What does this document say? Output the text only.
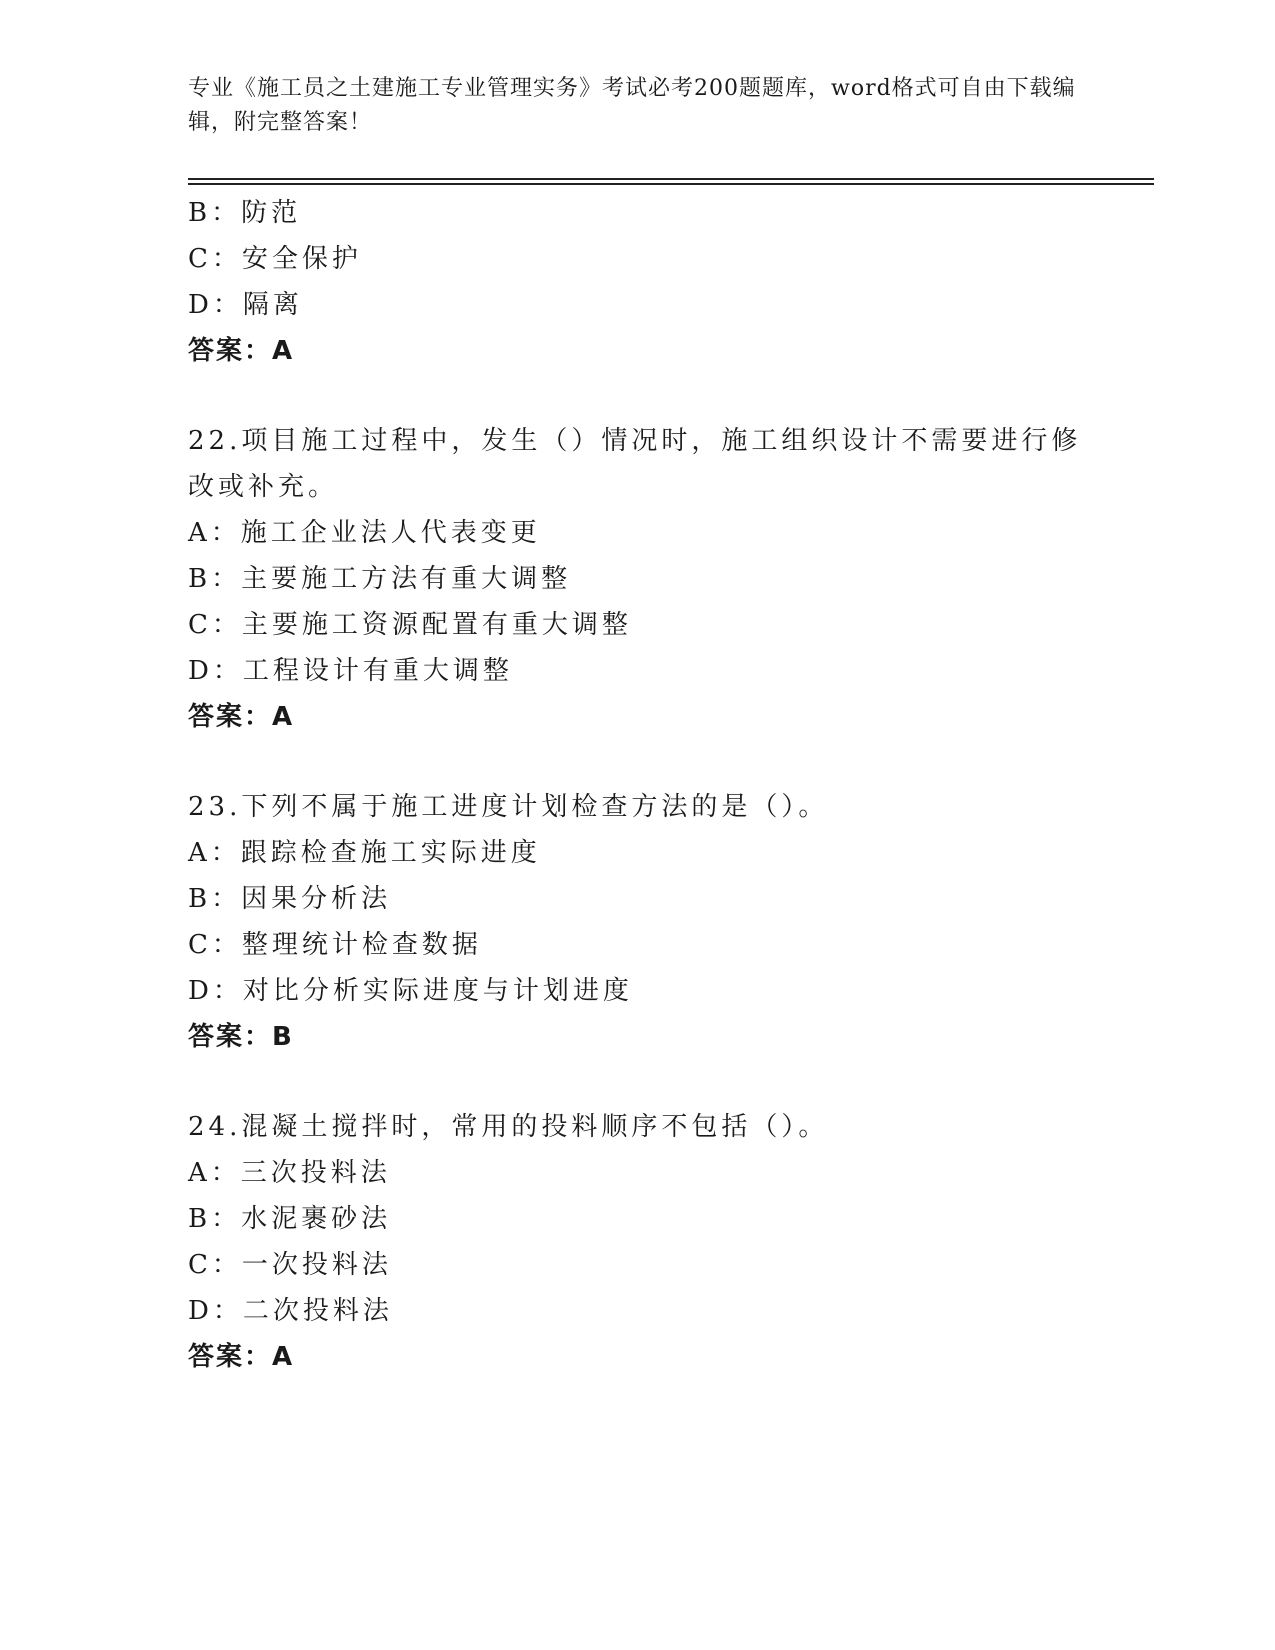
专业《施工员之土建施工专业管理实务》考试必考200题题库，word格式可自由下载编辑，附完整答案！
B：防范
C：安全保护
D：隔离
答案：A
22.项目施工过程中，发生（）情况时，施工组织设计不需要进行修改或补充。
A：施工企业法人代表变更
B：主要施工方法有重大调整
C：主要施工资源配置有重大调整
D：工程设计有重大调整
答案：A
23.下列不属于施工进度计划检查方法的是（）。
A：跟踪检查施工实际进度
B：因果分析法
C：整理统计检查数据
D：对比分析实际进度与计划进度
答案：B
24.混凝土搅拌时，常用的投料顺序不包括（）。
A：三次投料法
B：水泥裹砂法
C：一次投料法
D：二次投料法
答案：A
